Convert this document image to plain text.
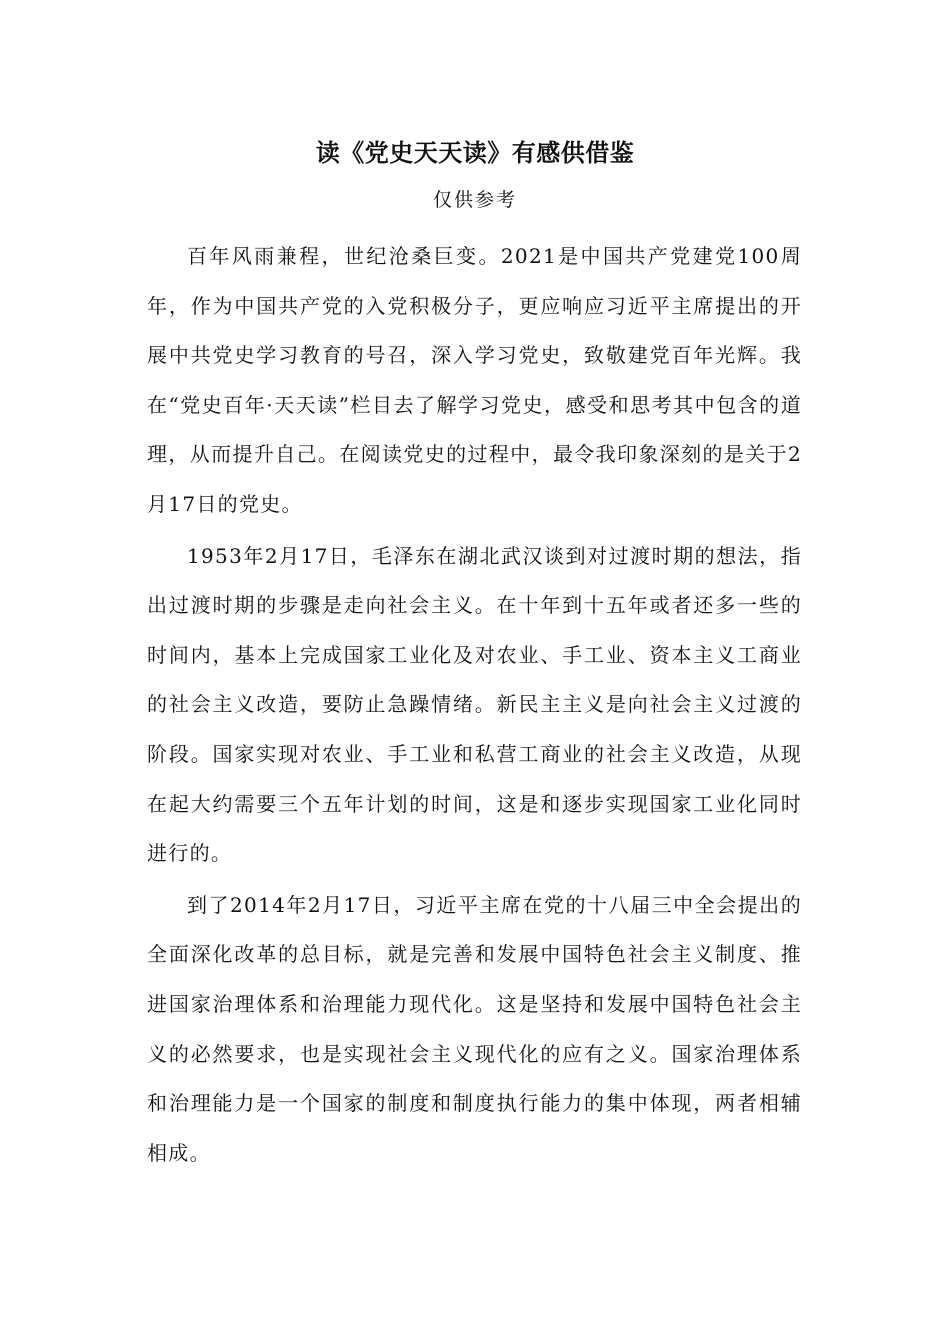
读《党史天天读》有感供借鉴
仅供参考

百年风雨兼程，世纪沧桑巨变。2021是中国共产党建党100周年，作为中国共产党的入党积极分子，更应响应习近平主席提出的开展中共党史学习教育的号召，深入学习党史，致敬建党百年光辉。我在“党史百年·天天读”栏目去了解学习党史，感受和思考其中包含的道理，从而提升自己。在阅读党史的过程中，最令我印象深刻的是关于2月17日的党史。

1953年2月17日，毛泽东在湖北武汉谈到对过渡时期的想法，指出过渡时期的步骤是走向社会主义。在十年到十五年或者还多一些的时间内，基本上完成国家工业化及对农业、手工业、资本主义工商业的社会主义改造，要防止急躁情绪。新民主主义是向社会主义过渡的阶段。国家实现对农业、手工业和私营工商业的社会主义改造，从现在起大约需要三个五年计划的时间，这是和逐步实现国家工业化同时进行的。

到了2014年2月17日，习近平主席在党的十八届三中全会提出的全面深化改革的总目标，就是完善和发展中国特色社会主义制度、推进国家治理体系和治理能力现代化。这是坚持和发展中国特色社会主义的必然要求，也是实现社会主义现代化的应有之义。国家治理体系和治理能力是一个国家的制度和制度执行能力的集中体现，两者相辅相成。
